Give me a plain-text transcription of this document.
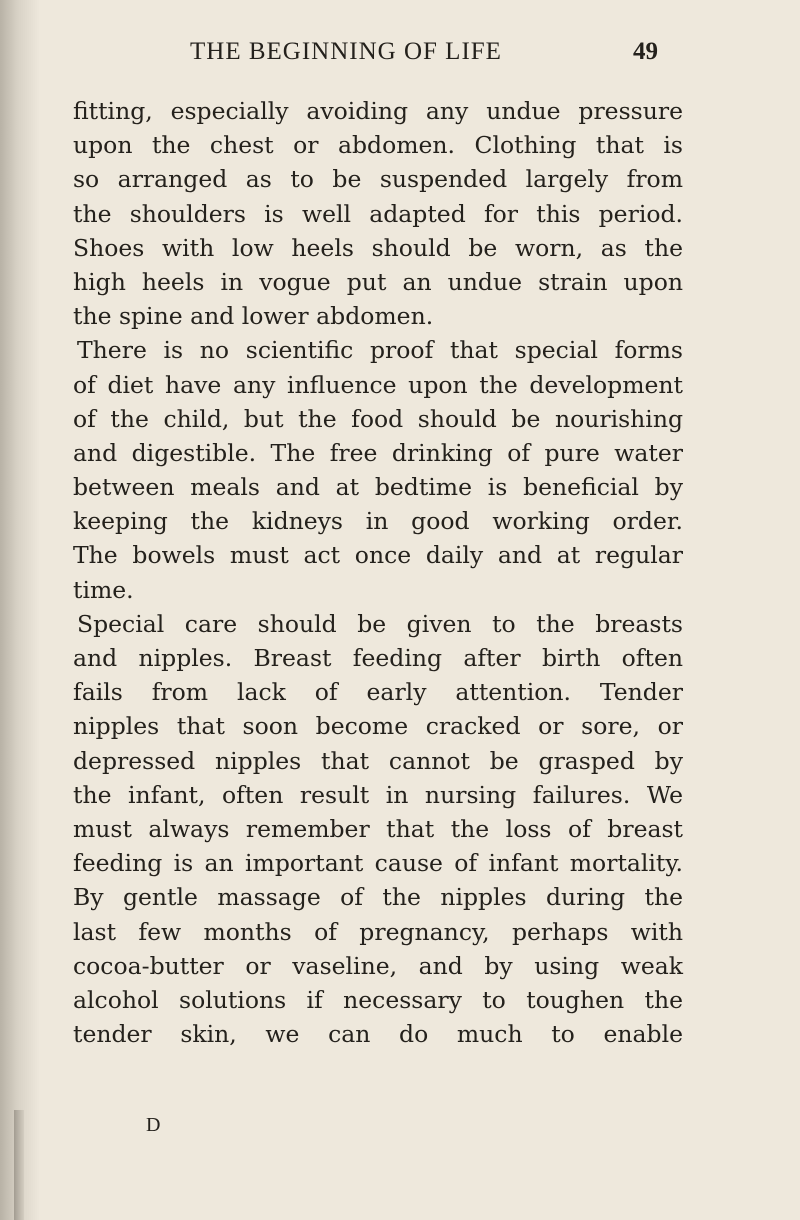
THE BEGINNING OF LIFE	49
fitting, especially avoiding any undue pressure
upon the chest or abdomen. Clothing that is
so arranged as to be suspended largely from
the shoulders is well adapted for this period.
Shoes with low heels should be worn, as the
high heels in vogue put an undue strain upon
the spine and lower abdomen.
There is no scientific proof that special forms
of diet have any influence upon the development
of the child, but the food should be nourishing
and digestible. The free drinking of pure water
between meals and at bedtime is beneficial by
keeping the kidneys in good working order.
The bowels must act once daily and at regular
time.
Special care should be given to the breasts
and nipples. Breast feeding after birth often
fails from lack of early attention. Tender
nipples that soon become cracked or sore, or
depressed nipples that cannot be grasped by
the infant, often result in nursing failures. We
must always remember that the loss of breast
feeding is an important cause of infant mortality.
By gentle massage of the nipples during the
last few months of pregnancy, perhaps with
cocoa-butter or vaseline, and by using weak
alcohol solutions if necessary to toughen the
tender skin, we can do much to enable
D
